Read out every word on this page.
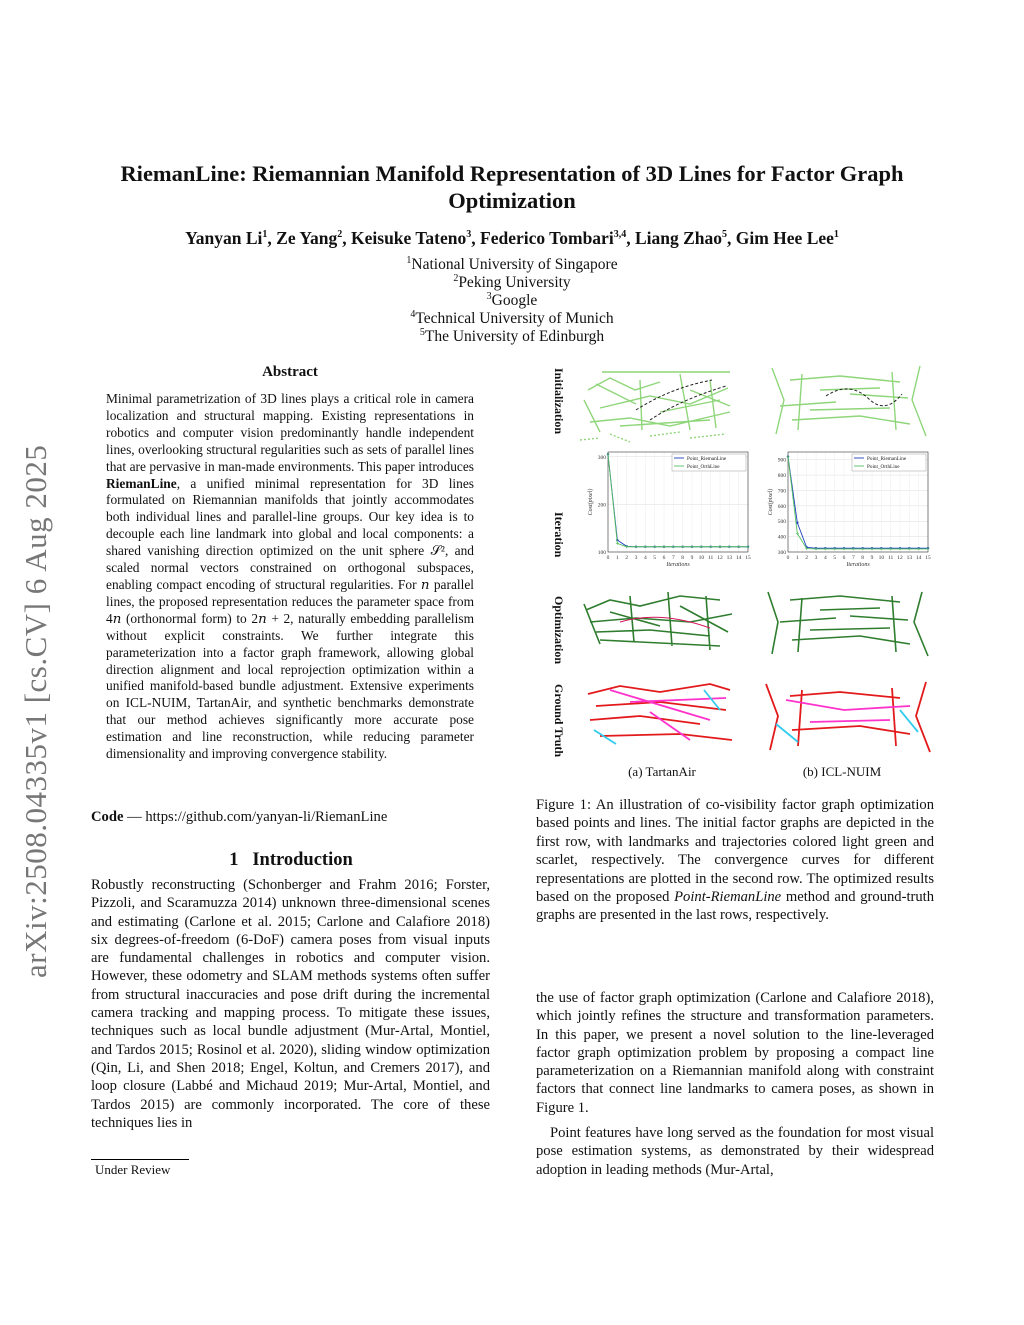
RiemanLine: Riemannian Manifold Representation of 3D Lines for Factor Graph
Optimization
Yanyan Li$^1$, Ze Yang$^2$, Keisuke Tateno$^3$, Federico Tombari$^{3,4}$, Liang Zhao$^5$, Gim Hee Lee$^1$
$^1$National University of Singapore
$^2$Peking University
$^3$Google
$^4$Technical University of Munich
$^5$The University of Edinburgh
arXiv:2508.04335v1 [cs.CV] 6 Aug 2025
Abstract
Minimal parametrization of 3D lines plays a critical role in camera localization and structural mapping. Existing representations in robotics and computer vision predominantly handle independent lines, overlooking structural regularities such as sets of parallel lines that are pervasive in man-made environments. This paper introduces RiemanLine, a unified minimal representation for 3D lines formulated on Riemannian manifolds that jointly accommodates both individual lines and parallel-line groups. Our key idea is to decouple each line landmark into global and local components: a shared vanishing direction optimized on the unit sphere 𝒮², and scaled normal vectors constrained on orthogonal subspaces, enabling compact encoding of structural regularities. For 𝑛 parallel lines, the proposed representation reduces the parameter space from 4𝑛 (orthonormal form) to 2𝑛 + 2, naturally embedding parallelism without explicit constraints. We further integrate this parameterization into a factor graph framework, allowing global direction alignment and local reprojection optimization within a unified manifold-based bundle adjustment. Extensive experiments on ICL-NUIM, TartanAir, and synthetic benchmarks demonstrate that our method achieves significantly more accurate pose estimation and line reconstruction, while reducing parameter dimensionality and improving convergence stability.
Code — https://github.com/yanyan-li/RiemanLine
1 Introduction
Robustly reconstructing (Schonberger and Frahm 2016; Forster, Pizzoli, and Scaramuzza 2014) unknown three-dimensional scenes and estimating (Carlone et al. 2015; Carlone and Calafiore 2018) six degrees-of-freedom (6-DoF) camera poses from visual inputs are fundamental challenges in robotics and computer vision. However, these odometry and SLAM methods systems often suffer from structural inaccuracies and pose drift during the incremental camera tracking and mapping process. To mitigate these issues, techniques such as local bundle adjustment (Mur-Artal, Montiel, and Tardos 2015; Rosinol et al. 2020), sliding window optimization (Qin, Li, and Shen 2018; Engel, Koltun, and Cremers 2017), and loop closure (Labbé and Michaud 2019; Mur-Artal, Montiel, and Tardos 2015) are commonly incorporated. The core of these techniques lies in
Under Review
Initialization
Iteration
Optimization
Ground Truth
100
200
300
0 1 2 3 4 5 6 7 8 9 10 11 12 13 14 15
Iterations
Cost(pixel)
Point_RiemanLine
Point_OrthLine
300
400
500
600
700
800
900
0 1 2 3 4 5 6 7 8 9 10 11 12 13 14 15
Iterations
Cost(pixel)
Point_RiemanLine
Point_OrthLine
(a) TartanAir	(b) ICL-NUIM
Figure 1: An illustration of co-visibility factor graph optimization based points and lines. The initial factor graphs are depicted in the first row, with landmarks and trajectories colored light green and scarlet, respectively. The convergence curves for different representations are plotted in the second row. The optimized results based on the proposed Point-RiemanLine method and ground-truth graphs are presented in the last rows, respectively.

the use of factor graph optimization (Carlone and Calafiore 2018), which jointly refines the structure and transformation parameters. In this paper, we present a novel solution to the line-leveraged factor graph optimization problem by proposing a compact line parameterization on a Riemannian manifold along with constraint factors that connect line landmarks to camera poses, as shown in Figure 1.

Point features have long served as the foundation for most visual pose estimation systems, as demonstrated by their widespread adoption in leading methods (Mur-Artal,
